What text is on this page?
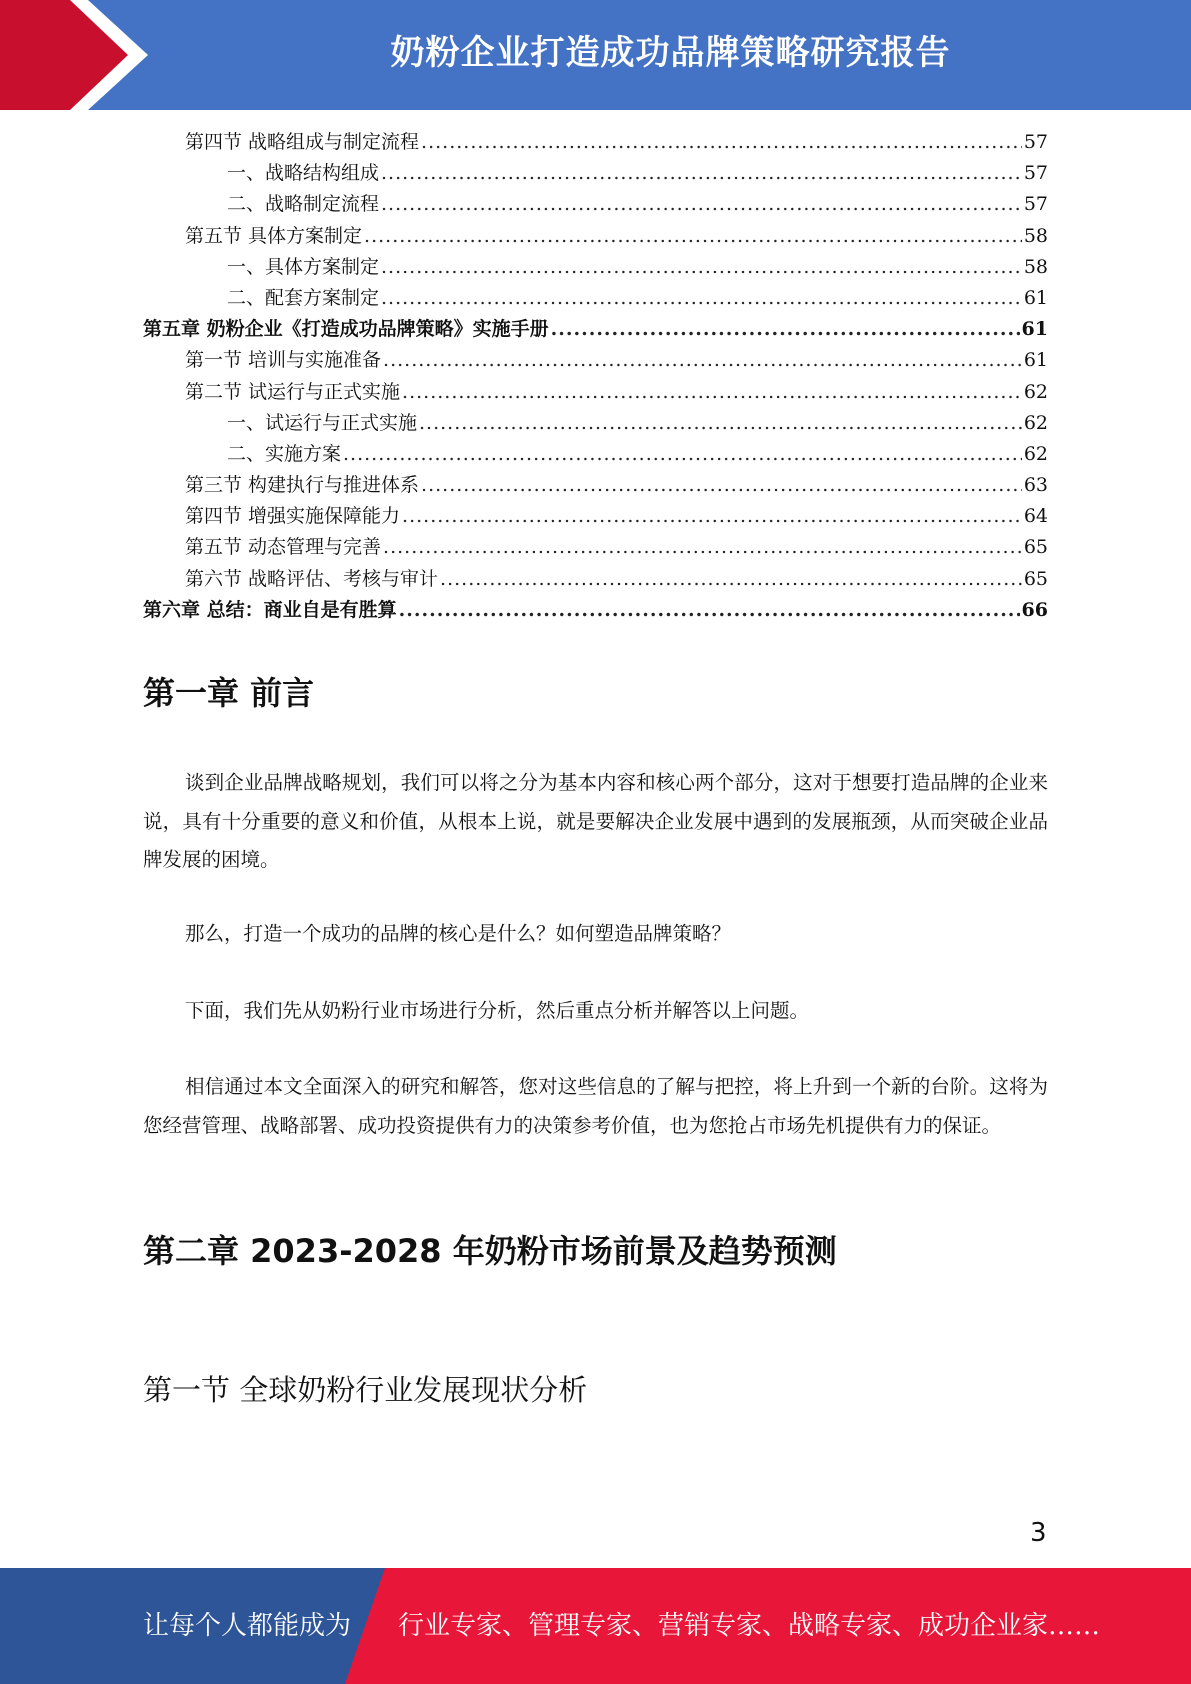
奶粉企业打造成功品牌策略研究报告
第四节 战略组成与制定流程 .....	57
一、战略结构组成 .....	57
二、战略制定流程 .....	57
第五节 具体方案制定 .....	58
一、具体方案制定 .....	58
二、配套方案制定 .....	61
第五章 奶粉企业《打造成功品牌策略》实施手册 .....	61
第一节 培训与实施准备 .....	61
第二节 试运行与正式实施 .....	62
一、试运行与正式实施 .....	62
二、实施方案 .....	62
第三节 构建执行与推进体系 .....	63
第四节 增强实施保障能力 .....	64
第五节 动态管理与完善 .....	65
第六节 战略评估、考核与审计 .....	65
第六章 总结：商业自是有胜算 .....	66
第一章 前言
谈到企业品牌战略规划，我们可以将之分为基本内容和核心两个部分，这对于想要打造品牌的企业来说，具有十分重要的意义和价值，从根本上说，就是要解决企业发展中遇到的发展瓶颈，从而突破企业品牌发展的困境。
那么，打造一个成功的品牌的核心是什么？如何塑造品牌策略？
下面，我们先从奶粉行业市场进行分析，然后重点分析并解答以上问题。
相信通过本文全面深入的研究和解答，您对这些信息的了解与把控，将上升到一个新的台阶。这将为您经营管理、战略部署、成功投资提供有力的决策参考价值，也为您抢占市场先机提供有力的保证。
第二章 2023-2028 年奶粉市场前景及趋势预测
第一节 全球奶粉行业发展现状分析
3
让每个人都能成为 行业专家、管理专家、营销专家、战略专家、成功企业家……
